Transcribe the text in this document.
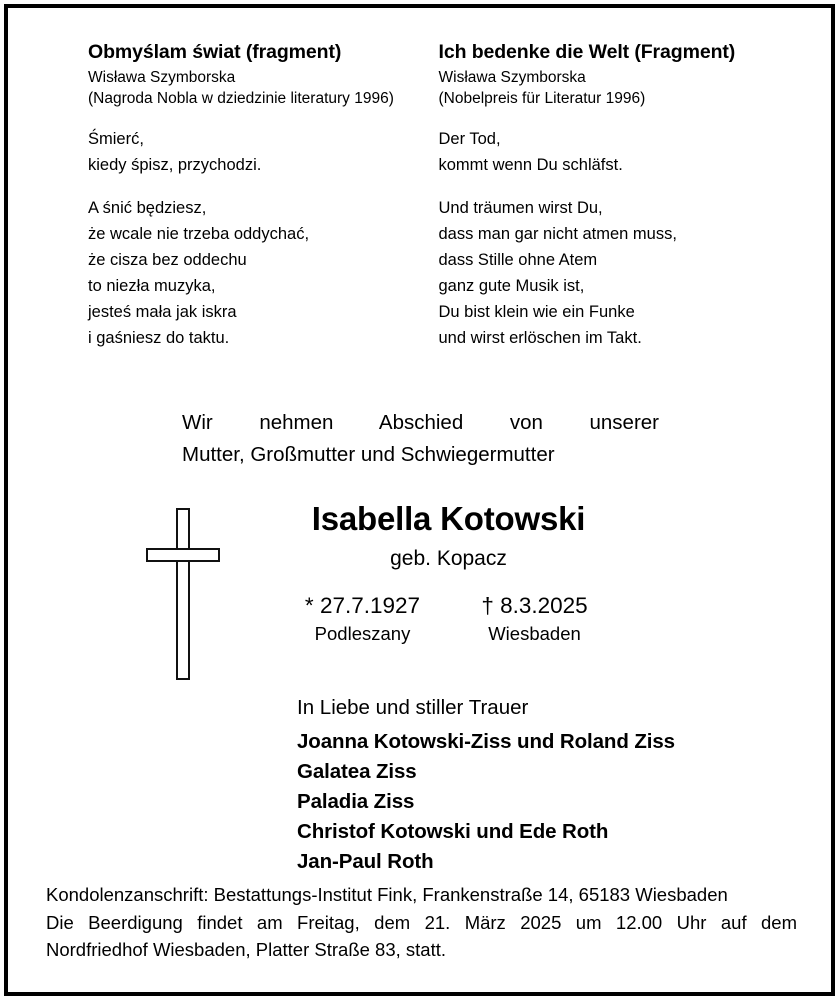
Obmyślam świat (fragment)
Wisława Szymborska
(Nagroda Nobla w dziedzinie literatury 1996)
Śmierć,
kiedy śpisz, przychodzi.
A śnić będziesz,
że wcale nie trzeba oddychać,
że cisza bez oddechu
to niezła muzyka,
jesteś mała jak iskra
i gaśniesz do taktu.
Ich bedenke die Welt (Fragment)
Wisława Szymborska
(Nobelpreis für Literatur 1996)
Der Tod,
kommt wenn Du schläfst.
Und träumen wirst Du,
dass man gar nicht atmen muss,
dass Stille ohne Atem
ganz gute Musik ist,
Du bist klein wie ein Funke
und wirst erlöschen im Takt.
Wir nehmen Abschied von unserer
Mutter, Großmutter und Schwiegermutter
Isabella Kotowski
geb. Kopacz
* 27.7.1927
Podleszany
† 8.3.2025
Wiesbaden
In Liebe und stiller Trauer
Joanna Kotowski-Ziss und Roland Ziss
Galatea Ziss
Paladia Ziss
Christof Kotowski und Ede Roth
Jan-Paul Roth
Kondolenzanschrift: Bestattungs-Institut Fink, Frankenstraße 14, 65183 Wiesbaden
Die Beerdigung findet am Freitag, dem 21. März 2025 um 12.00 Uhr auf dem
Nordfriedhof Wiesbaden, Platter Straße 83, statt.
